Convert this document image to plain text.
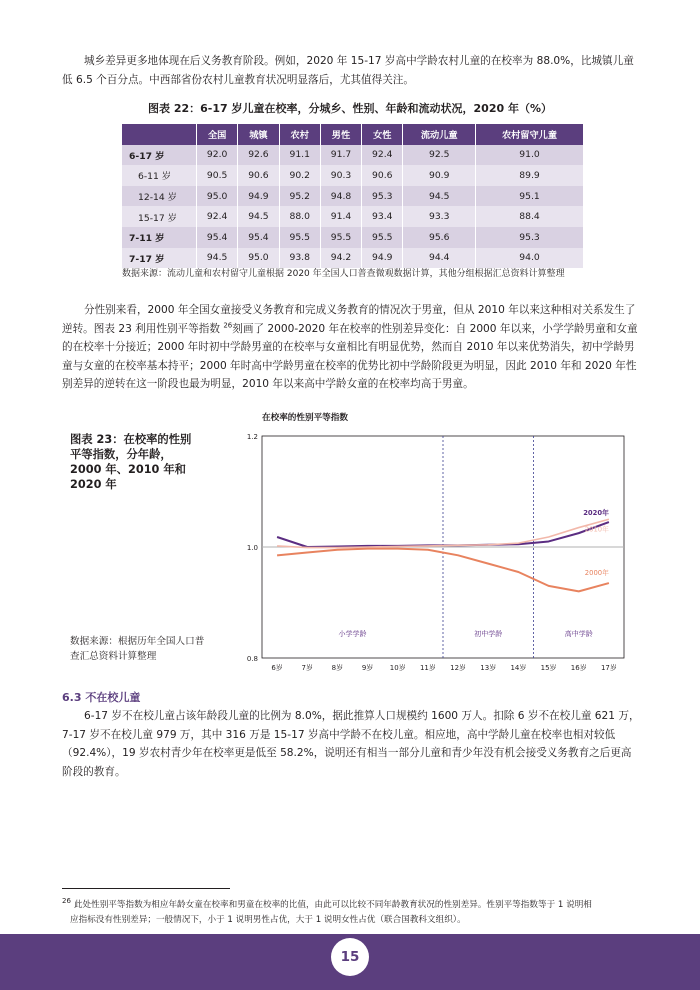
城乡差异更多地体现在后义务教育阶段。例如，2020 年 15-17 岁高中学龄农村儿童的在校率为 88.0%，比城镇儿童低 6.5 个百分点。中西部省份农村儿童教育状况明显落后，尤其值得关注。

图表 22：6-17 岁儿童在校率，分城乡、性别、年龄和流动状况，2020 年（%）

	全国	城镇	农村	男性	女性	流动儿童	农村留守儿童
6-17 岁	92.0	92.6	91.1	91.7	92.4	92.5	91.0
6-11 岁	90.5	90.6	90.2	90.3	90.6	90.9	89.9
12-14 岁	95.0	94.9	95.2	94.8	95.3	94.5	95.1
15-17 岁	92.4	94.5	88.0	91.4	93.4	93.3	88.4
7-11 岁	95.4	95.4	95.5	95.5	95.5	95.6	95.3
7-17 岁	94.5	95.0	93.8	94.2	94.9	94.4	94.0

数据来源：流动儿童和农村留守儿童根据 2020 年全国人口普查微观数据计算，其他分组根据汇总资料计算整理

分性别来看，2000 年全国女童接受义务教育和完成义务教育的情况次于男童，但从 2010 年以来这种相对关系发生了逆转。图表 23 利用性别平等指数 $^{26}$刻画了 2000-2020 年在校率的性别差异变化：自 2000 年以来，小学学龄男童和女童的在校率十分接近；2000 年时初中学龄男童的在校率与女童相比有明显优势，然而自 2010 年以来优势消失，初中学龄男童与女童的在校率基本持平；2000 年时高中学龄男童在校率的优势比初中学龄阶段更为明显，因此 2010 年和 2020 年性别差异的逆转在这一阶段也最为明显，2010 年以来高中学龄女童的在校率均高于男童。

图表 23：在校率的性别平等指数，分年龄，2000 年、2010 年和 2020 年

数据来源：根据历年全国人口普查汇总资料计算整理

在校率的性别平等指数
1.2
1.0
0.8
6岁	7岁	8岁	9岁 10岁 11岁 12岁 13岁 14岁 15岁 16岁 17岁
小学学龄	初中学龄	高中学龄
2020年
2010年
2000年

6.3 不在校儿童

6-17 岁不在校儿童占该年龄段儿童的比例为 8.0%，据此推算人口规模约 1600 万人。扣除 6 岁不在校儿童 621 万，7-17 岁不在校儿童 979 万，其中 316 万是 15-17 岁高中学龄不在校儿童。相应地，高中学龄儿童在校率也相对较低（92.4%），19 岁农村青少年在校率更是低至 58.2%，说明还有相当一部分儿童和青少年没有机会接受义务教育之后更高阶段的教育。

$^{26}$ 此处性别平等指数为相应年龄女童在校率和男童在校率的比值，由此可以比较不同年龄教育状况的性别差异。性别平等指数等于 1 说明相
应指标没有性别差异；一般情况下，小于 1 说明男性占优，大于 1 说明女性占优（联合国教科文组织）。

15
